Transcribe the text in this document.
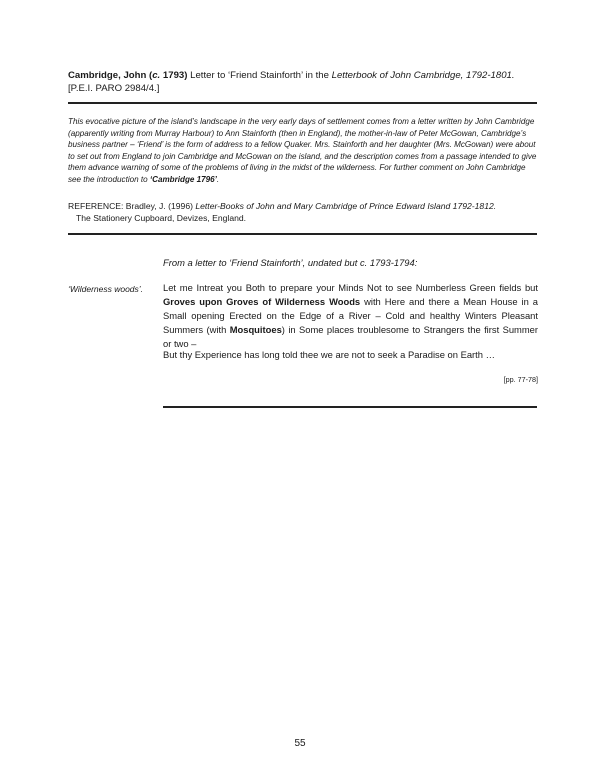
Cambridge, John (c. 1793) Letter to ‘Friend Stainforth’ in the Letterbook of John Cambridge, 1792-1801.
[P.E.I. PARO 2984/4.]
This evocative picture of the island’s landscape in the very early days of settlement comes from a letter written by John Cambridge (apparently writing from Murray Harbour) to Ann Stainforth (then in England), the mother-in-law of Peter McGowan, Cambridge’s business partner – ‘Friend’ is the form of address to a fellow Quaker. Mrs. Stainforth and her daughter (Mrs. McGowan) were about to set out from England to join Cambridge and McGowan on the island, and the description comes from a passage intended to give them advance warning of some of the problems of living in the midst of the wilderness. For further comment on John Cambridge see the introduction to ‘Cambridge 1796’.
REFERENCE: Bradley, J. (1996) Letter-Books of John and Mary Cambridge of Prince Edward Island 1792-1812.
The Stationery Cupboard, Devizes, England.
From a letter to ‘Friend Stainforth’, undated but c. 1793-1794:
‘Wilderness woods’.	Let me Intreat you Both to prepare your Minds Not to see Numberless Green fields but Groves upon Groves of Wilderness Woods with Here and there a Mean House in a Small opening Erected on the Edge of a River – Cold and healthy Winters Pleasant Summers (with Mosquitoes) in Some places troublesome to Strangers the first Summer or two –
But thy Experience has long told thee we are not to seek a Paradise on Earth …
[pp. 77-78]
55
